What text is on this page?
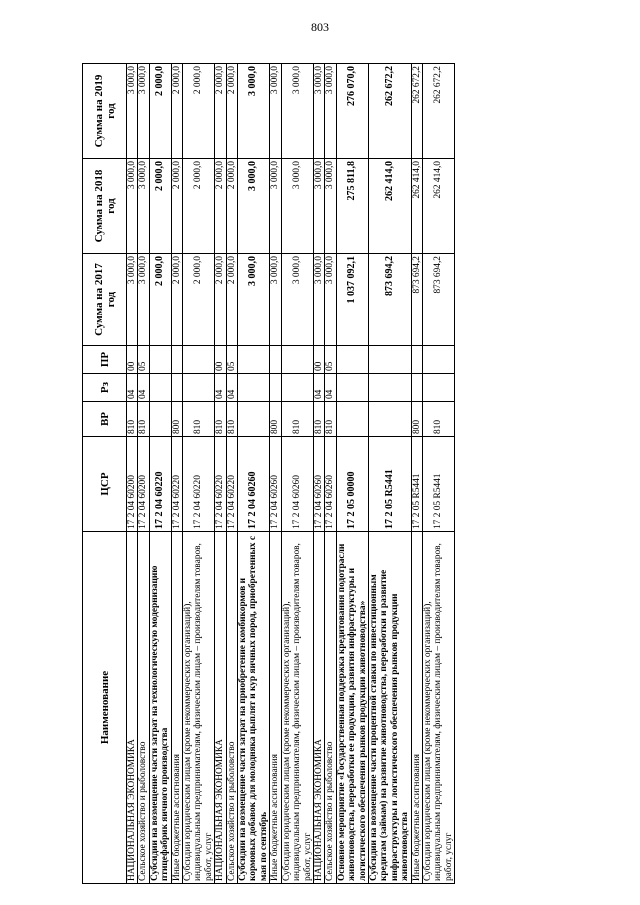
803
Наименование	ЦСР	ВР	Рз	ПР	Сумма на 2017 год	Сумма на 2018 год	Сумма на 2019 год
НАЦИОНАЛЬНАЯ ЭКОНОМИКА	17 2 04 60200	810	04	00	3 000,0	3 000,0	3 000,0
Сельское хозяйство и рыболовство	17 2 04 60200	810	04	05	3 000,0	3 000,0	3 000,0
Субсидии на возмещение части затрат на технологическую модернизацию птицефабрик яичного производства	17 2 04 60220				2 000,0	2 000,0	2 000,0
Иные бюджетные ассигнования	17 2 04 60220	800			2 000,0	2 000,0	2 000,0
Субсидии юридическим лицам (кроме некоммерческих организаций), индивидуальным предпринимателям, физическим лицам – производителям товаров, работ, услуг	17 2 04 60220	810			2 000,0	2 000,0	2 000,0
НАЦИОНАЛЬНАЯ ЭКОНОМИКА	17 2 04 60220	810	04	00	2 000,0	2 000,0	2 000,0
Сельское хозяйство и рыболовство	17 2 04 60220	810	04	05	2 000,0	2 000,0	2 000,0
Субсидии на возмещение части затрат на приобретение комбикормов и кормовых добавок для молодняка цыплят и кур яичных пород, приобретенных с мая по сентябрь	17 2 04 60260				3 000,0	3 000,0	3 000,0
Иные бюджетные ассигнования	17 2 04 60260	800			3 000,0	3 000,0	3 000,0
Субсидии юридическим лицам (кроме некоммерческих организаций), индивидуальным предпринимателям, физическим лицам – производителям товаров, работ, услуг	17 2 04 60260	810			3 000,0	3 000,0	3 000,0
НАЦИОНАЛЬНАЯ ЭКОНОМИКА	17 2 04 60260	810	04	00	3 000,0	3 000,0	3 000,0
Сельское хозяйство и рыболовство	17 2 04 60260	810	04	05	3 000,0	3 000,0	3 000,0
Основное мероприятие «Государственная поддержка кредитования подотрасли животноводства, переработки ее продукции, развития инфраструктуры и логистического обеспечения рынков продукции животноводства»	17 2 05 00000				1 037 092,1	275 811,8	276 070,0
Субсидии на возмещение части процентной ставки по инвестиционным кредитам (займам) на развитие животноводства, переработки и развитие инфраструктуры и логистического обеспечения рынков продукции животноводства	17 2 05 R5441				873 694,2	262 414,0	262 672,2
Иные бюджетные ассигнования	17 2 05 R5441	800			873 694,2	262 414,0	262 672,2
Субсидии юридическим лицам (кроме некоммерческих организаций), индивидуальным предпринимателям, физическим лицам – производителям товаров, работ, услуг	17 2 05 R5441	810			873 694,2	262 414,0	262 672,2
